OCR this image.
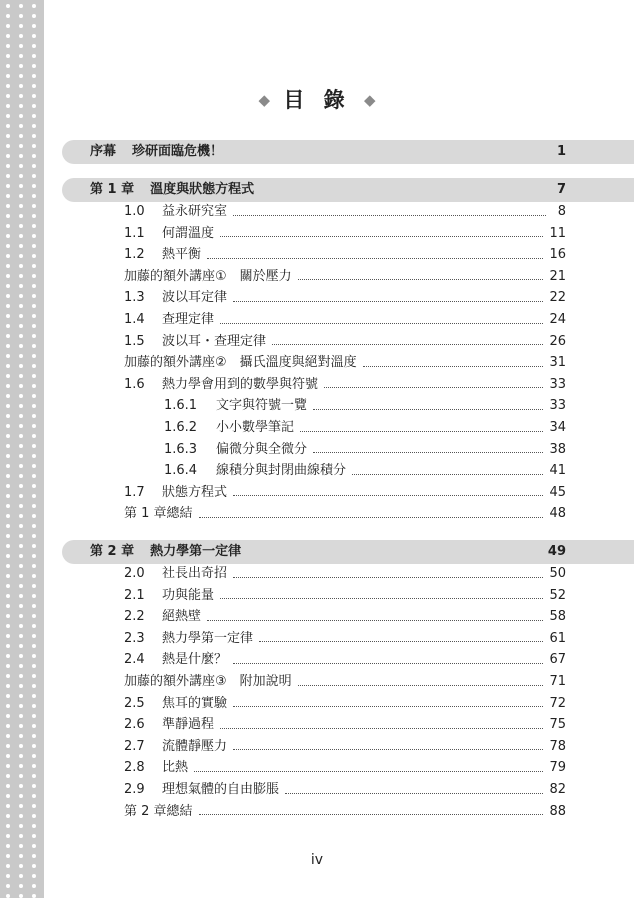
◆ 目 錄 ◆
序幕 珍研面臨危機！	1
第 1 章 溫度與狀態方程式	7
1.0	益永研究室	8
1.1	何謂溫度	11
1.2	熱平衡	16
加藤的額外講座①　關於壓力	21
1.3	波以耳定律	22
1.4	查理定律	24
1.5	波以耳・查理定律	26
加藤的額外講座②　攝氏溫度與絕對溫度	31
1.6	熱力學會用到的數學與符號	33
1.6.1	文字與符號一覽	33
1.6.2	小小數學筆記	34
1.6.3	偏微分與全微分	38
1.6.4	線積分與封閉曲線積分	41
1.7	狀態方程式	45
第 1 章總結	48
第 2 章 熱力學第一定律	49
2.0	社長出奇招	50
2.1	功與能量	52
2.2	絕熱壁	58
2.3	熱力學第一定律	61
2.4	熱是什麼？	67
加藤的額外講座③　附加說明	71
2.5	焦耳的實驗	72
2.6	準靜過程	75
2.7	流體靜壓力	78
2.8	比熱	79
2.9	理想氣體的自由膨脹	82
第 2 章總結	88
iv
